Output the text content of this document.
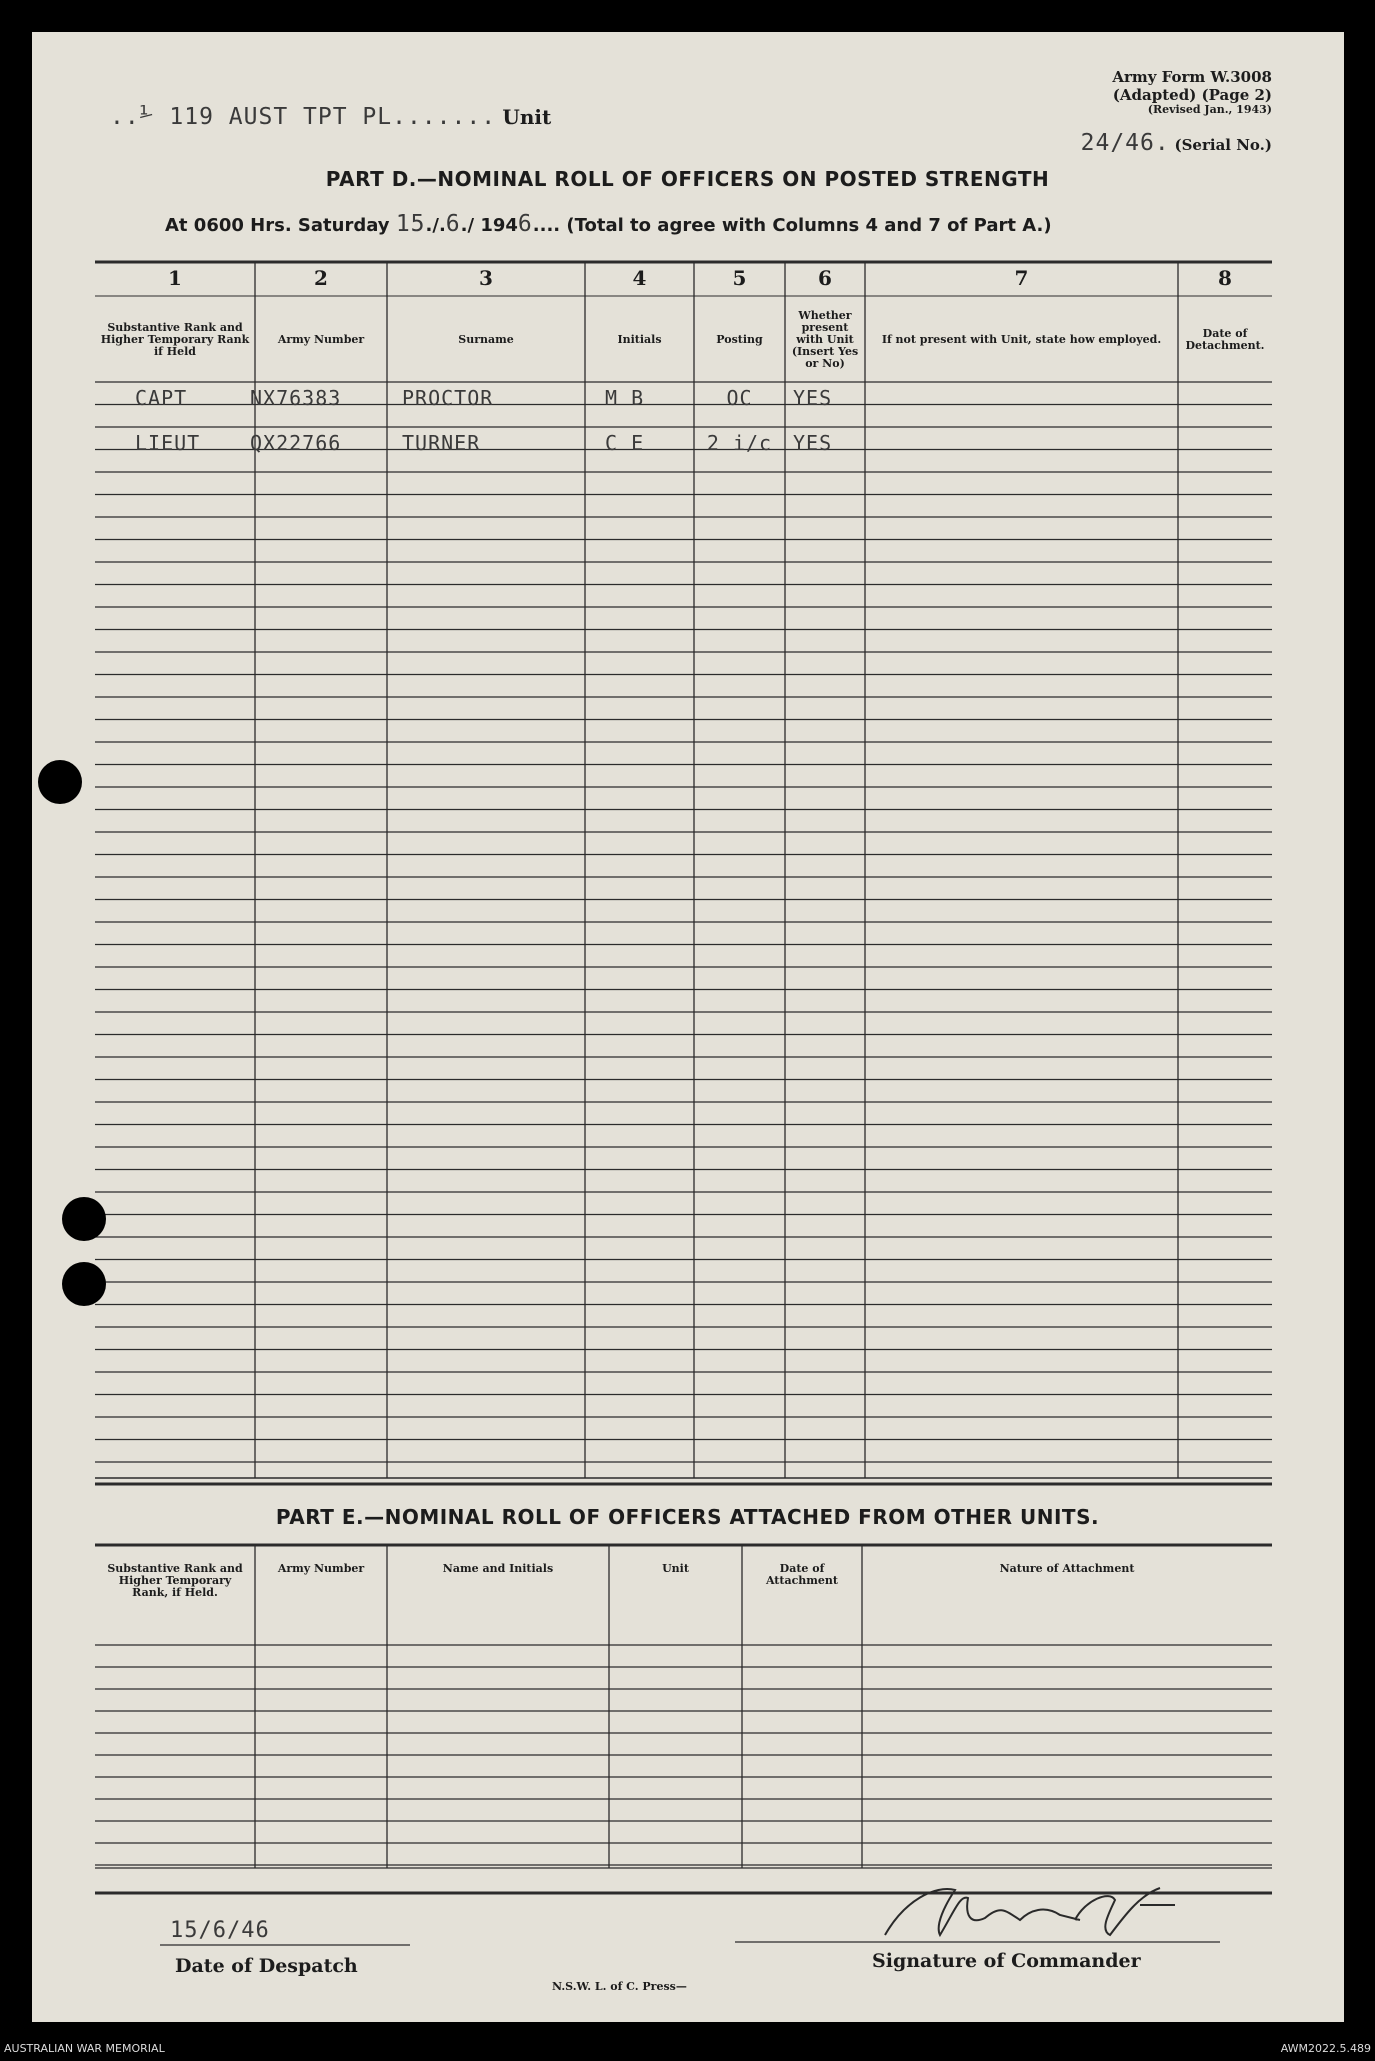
..⅟ 119 AUST TPT PL....... Unit
Army Form W.3008
(Adapted) (Page 2)
(Revised Jan., 1943)
24/46. (Serial No.)
PART D.—NOMINAL ROLL OF OFFICERS ON POSTED STRENGTH
At 0600 Hrs. Saturday 15./.6./ 1946.... (Total to agree with Columns 4 and 7 of Part A.)
1	2	3	4	5	6	7	8
Substantive Rank and Higher Temporary Rank if Held
Army Number	Surname	Initials	Posting
Whether present with Unit (Insert Yes or No)
If not present with Unit, state how employed.	Date of Detachment.
CAPT	NX76383	PROCTOR	M B	OC	YES
LIEUT QX22766	TURNER	C E	2 i/c	YES
PART E.—NOMINAL ROLL OF OFFICERS ATTACHED FROM OTHER UNITS.
Substantive Rank and Higher Temporary Rank, if Held.
Army Number	Name and Initials	Unit	Date of Attachment
Nature of Attachment
15/6/46
Date of Despatch
N.S.W. L. of C. Press—
Signature of Commander
AUSTRALIAN WAR MEMORIAL	AWM2022.5.489
